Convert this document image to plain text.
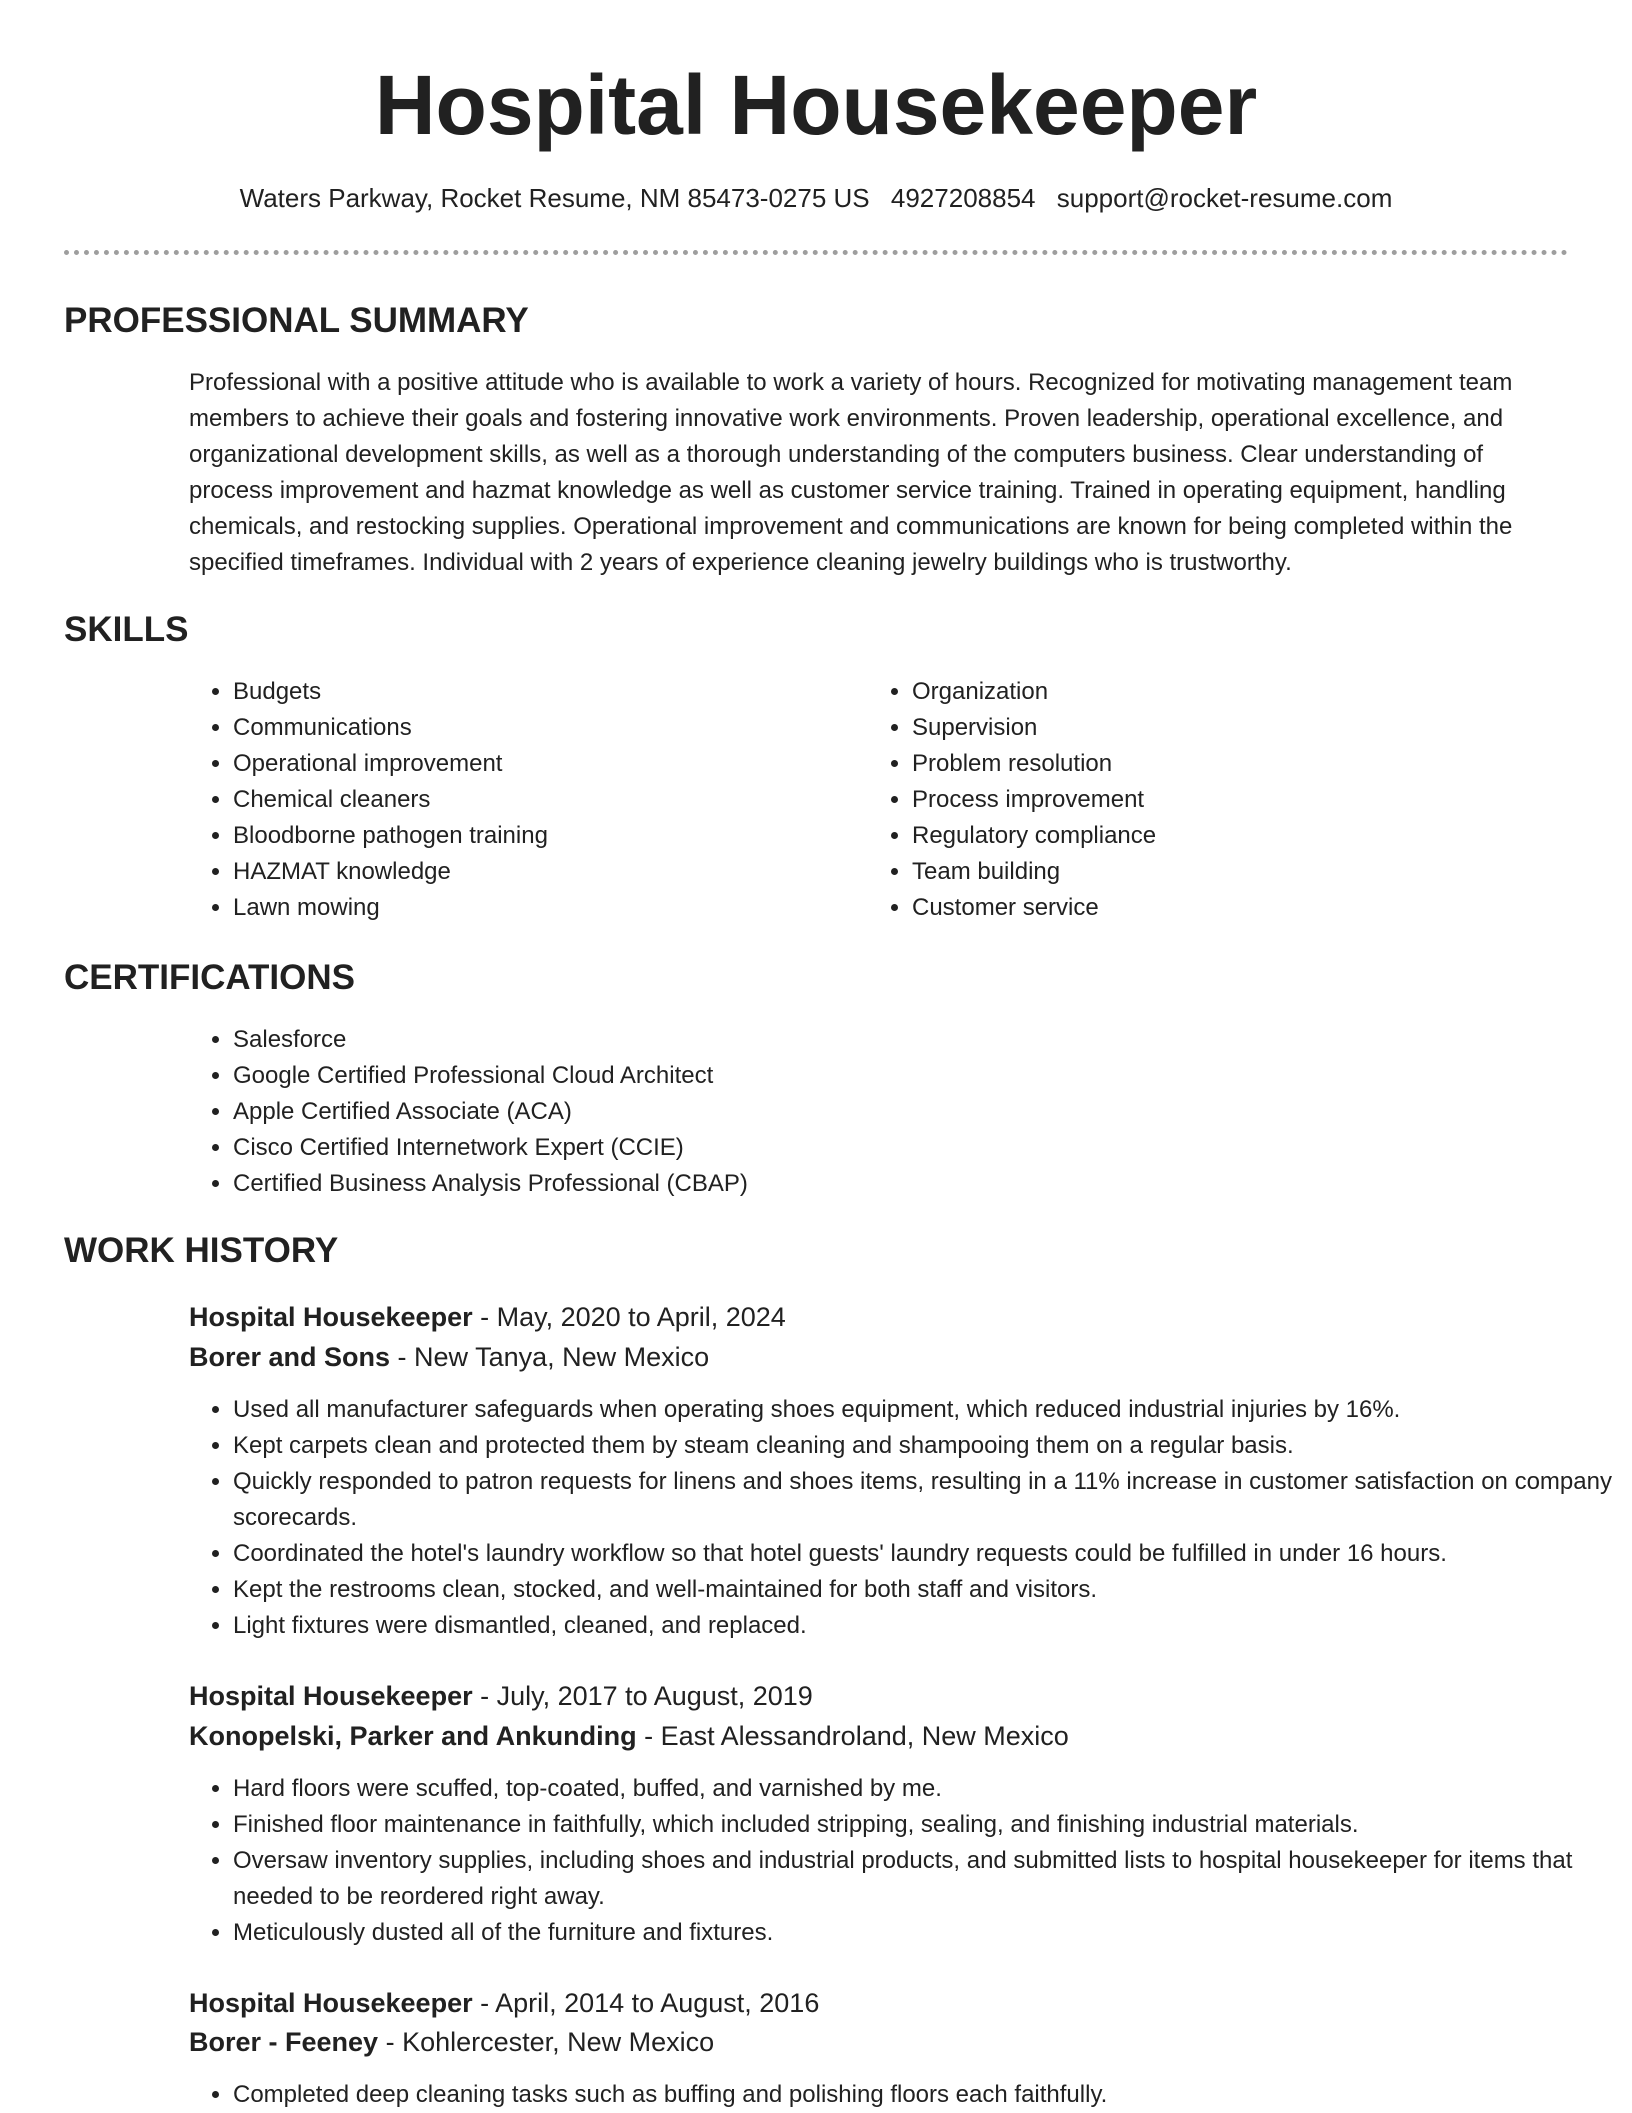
Hospital Housekeeper
Waters Parkway, Rocket Resume, NM 85473-0275 US 4927208854 support@rocket-resume.com
PROFESSIONAL SUMMARY
Professional with a positive attitude who is available to work a variety of hours. Recognized for motivating management team members to achieve their goals and fostering innovative work environments. Proven leadership, operational excellence, and organizational development skills, as well as a thorough understanding of the computers business. Clear understanding of process improvement and hazmat knowledge as well as customer service training. Trained in operating equipment, handling chemicals, and restocking supplies. Operational improvement and communications are known for being completed within the specified timeframes. Individual with 2 years of experience cleaning jewelry buildings who is trustworthy.
SKILLS
• Budgets
• Communications
• Operational improvement
• Chemical cleaners
• Bloodborne pathogen training
• HAZMAT knowledge
• Lawn mowing
• Organization
• Supervision
• Problem resolution
• Process improvement
• Regulatory compliance
• Team building
• Customer service
CERTIFICATIONS
• Salesforce
• Google Certified Professional Cloud Architect
• Apple Certified Associate (ACA)
• Cisco Certified Internetwork Expert (CCIE)
• Certified Business Analysis Professional (CBAP)
WORK HISTORY
Hospital Housekeeper - May, 2020 to April, 2024
Borer and Sons - New Tanya, New Mexico
• Used all manufacturer safeguards when operating shoes equipment, which reduced industrial injuries by 16%.
• Kept carpets clean and protected them by steam cleaning and shampooing them on a regular basis.
• Quickly responded to patron requests for linens and shoes items, resulting in a 11% increase in customer satisfaction on company scorecards.
• Coordinated the hotel's laundry workflow so that hotel guests' laundry requests could be fulfilled in under 16 hours.
• Kept the restrooms clean, stocked, and well-maintained for both staff and visitors.
• Light fixtures were dismantled, cleaned, and replaced.
Hospital Housekeeper - July, 2017 to August, 2019
Konopelski, Parker and Ankunding - East Alessandroland, New Mexico
• Hard floors were scuffed, top-coated, buffed, and varnished by me.
• Finished floor maintenance in faithfully, which included stripping, sealing, and finishing industrial materials.
• Oversaw inventory supplies, including shoes and industrial products, and submitted lists to hospital housekeeper for items that needed to be reordered right away.
• Meticulously dusted all of the furniture and fixtures.
Hospital Housekeeper - April, 2014 to August, 2016
Borer - Feeney - Kohlercester, New Mexico
• Completed deep cleaning tasks such as buffing and polishing floors each faithfully.
